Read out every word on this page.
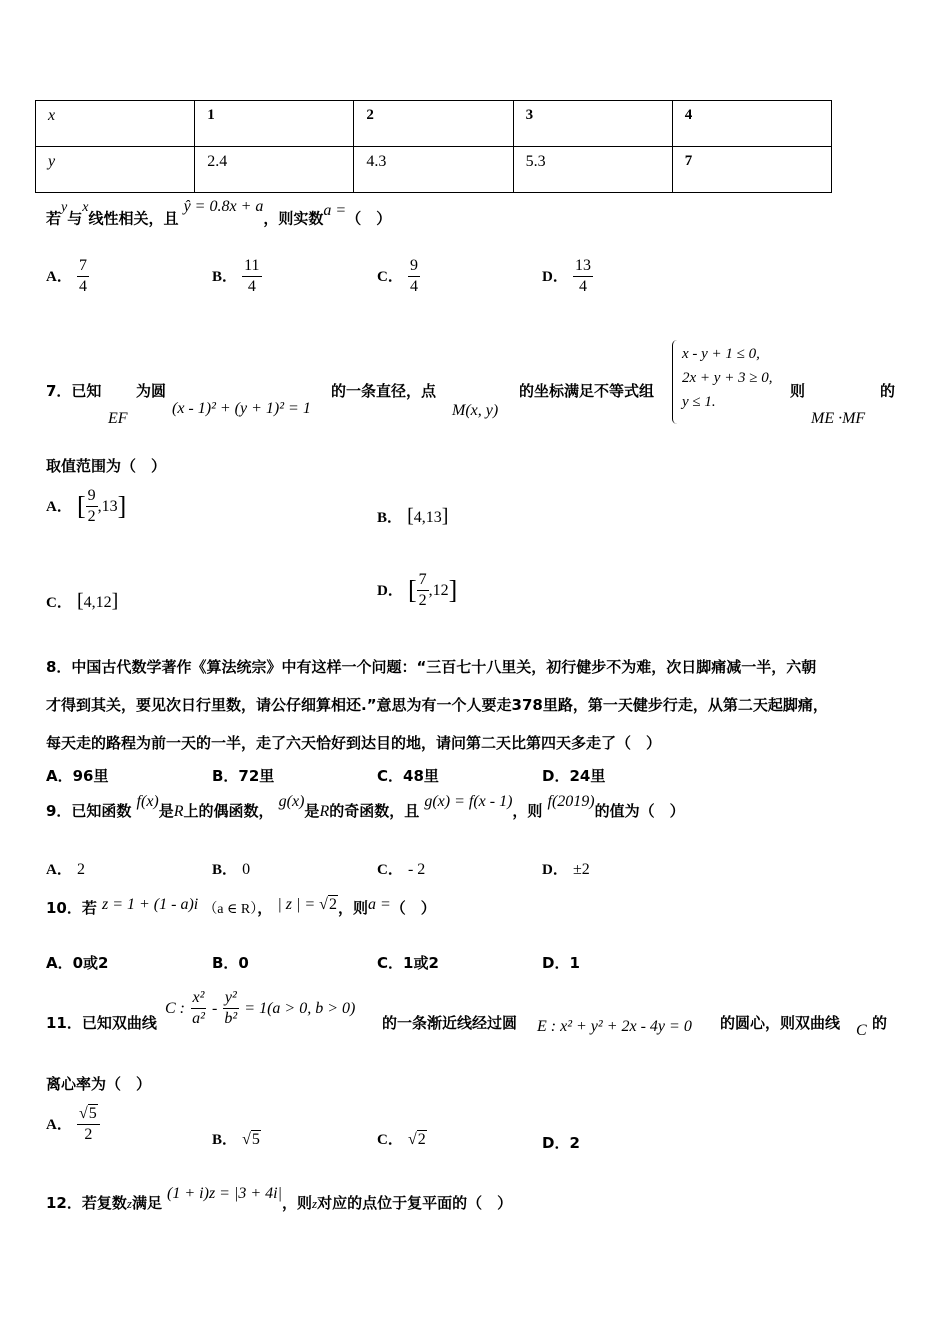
x	1	2	3	4
y	2.4	4.3	5.3	7
若$^y$与$^x$线性相关，且 ŷ = 0.8x + a，则实数a =（　）
A． $\frac{7}{4}$	B． $\frac{11}{4}$	C． $\frac{9}{4}$	D． $\frac{13}{4}$
7．已知
EF
为圆
(x - 1)² + (y + 1)² = 1
的一条直径，点
M(x, y)
的坐标满足不等式组
x - y + 1 ≤ 0,
2x + y + 3 ≥ 0,
y ≤ 1.
则	的
ME ·MF
取值范围为（　）
A． [ $\frac{9}{2} ,13$]	B． [4,13]
C． [4,12]	D． [ $\frac{7}{2} ,12$]
8．中国古代数学著作《算法统宗》中有这样一个问题：“三百七十八里关，初行健步不为难，次日脚痛减一半，六朝
才得到其关，要见次日行里数，请公仔细算相还.”意思为有一个人要走378里路，第一天健步行走，从第二天起脚痛，
每天走的路程为前一天的一半，走了六天恰好到达目的地，请问第二天比第四天多走了（　）
A．96里	B．72里	C．48里	D．24里
9．已知函数 f(x)是R上的偶函数， g(x)是R的奇函数，且 g(x) = f(x - 1)，则 f(2019)的值为（　）
A． 2	B． 0	C． - 2	D． ±2
10．若 z = 1 + (1 - a)i （a ∈ R）， | z | = √2，则a =（　）
A．0或2	B．0	C．1或2	D．1
11．已知双曲线
C : $\frac{\text{x²}}{\text{a²}} - \frac{\text{y²}}{\text{b²}} = 1(a > 0$, b > 0)
的一条渐近线经过圆 E : x² + y² + 2x - 4y = 0 的圆心，则双曲线 C 的
离心率为（　）
A． $\frac{√5}{2}$	B． √5	C． √2	D．2
12．若复数z满足 (1 + i)z = |3 + 4i|，则z对应的点位于复平面的（　）
